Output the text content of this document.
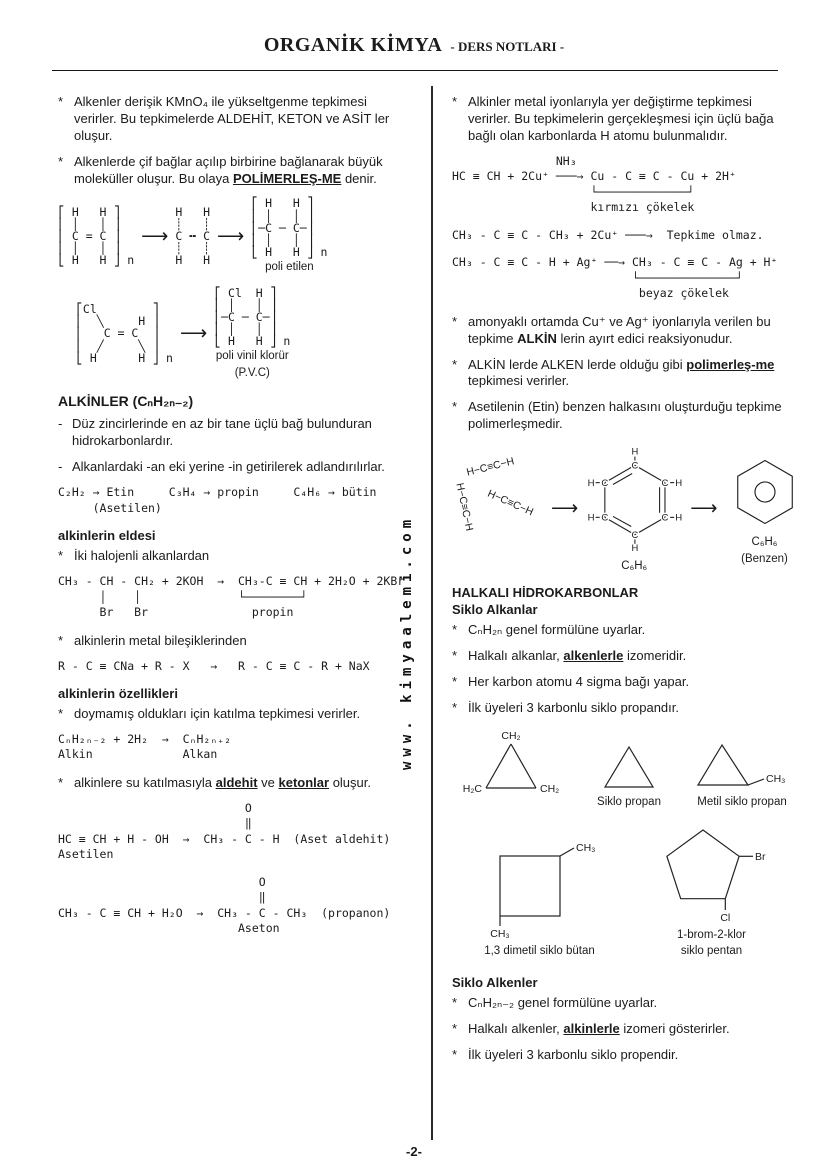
ORGANİK KİMYA - DERS NOTLARI -
www. kimyaalemi.com
* Alkenler derişik KMnO₄ ile yükseltgenme tepkimesi verirler. Bu tepkimelerde ALDEHİT, KETON ve ASİT ler oluşur.
* Alkenlerde çif bağlar açılıp birbirine bağlanarak büyük moleküller oluşur. Bu olaya POLİMERLEŞ-ME denir.
⎡ H   H ⎤
⎢ │   │ ⎥
⎢ C = C ⎥
⎢ │   │ ⎥
⎣ H   H ⎦ n
⟶
H   H
┊   ┊
C ╍ C
┊   ┊
H   H
⟶
⎡ H   H ⎤
⎢ │   │ ⎥
⎢─C ─ C─⎥
⎢ │   │ ⎥
⎣ H   H ⎦ n
poli etilen
⎡Cl        ⎤
⎢  ╲     H ⎥
⎢   C = C  ⎥
⎢  ╱     ╲ ⎥
⎣ H      H ⎦ n
⟶
⎡ Cl  H ⎤
⎢ │   │ ⎥
⎢─C ─ C─⎥
⎢ │   │ ⎥
⎣ H   H ⎦ n
poli vinil klorür
(P.V.C)
ALKİNLER (CₙH₂ₙ₋₂)
- Düz zincirlerinde en az bir tane üçlü bağ bulunduran hidrokarbonlardır.
- Alkanlardaki -an eki yerine -in getirilerek adlandırılırlar.
C₂H₂ → Etin     C₃H₄ → propin     C₄H₆ → bütin
(Asetilen)
alkinlerin eldesi
* İki halojenli alkanlardan
CH₃ - CH - CH₂ + 2KOH  →  CH₃-C ≡ CH + 2H₂O + 2KBr
│    │              └────────┘
Br   Br               propin
* alkinlerin metal bileşiklerinden
R - C ≡ CNa + R - X   →   R - C ≡ C - R + NaX
alkinlerin özellikleri
* doymamış oldukları için katılma tepkimesi verirler.
CₙH₂ₙ₋₂ + 2H₂  →  CₙH₂ₙ₊₂
Alkin             Alkan
* alkinlere su katılmasıyla aldehit ve ketonlar oluşur.
O
‖
HC ≡ CH + H - OH  →  CH₃ - C - H  (Aset aldehit)
Asetilen
O
‖
CH₃ - C ≡ CH + H₂O  →  CH₃ - C - CH₃  (propanon)
Aseton
* Alkinler metal iyonlarıyla yer değiştirme tepkimesi verirler. Bu tepkimelerin gerçekleşmesi için üçlü bağa bağlı olan karbonlarda H atomu bulunmalıdır.
NH₃
HC ≡ CH + 2Cu⁺ ───→ Cu - C ≡ C - Cu + 2H⁺
└─────────────┘
kırmızı çökelek
CH₃ - C ≡ C - CH₃ + 2Cu⁺ ───→  Tepkime olmaz.
CH₃ - C ≡ C - H + Ag⁺ ──→ CH₃ - C ≡ C - Ag + H⁺
└──────────────┘
beyaz çökelek
* amonyaklı ortamda Cu⁺ ve Ag⁺ iyonlarıyla verilen bu tepkime ALKİN lerin ayırt edici reaksiyonudur.
* ALKİN lerde ALKEN lerde olduğu gibi polimerleş-me tepkimesi verirler.
* Asetilenin (Etin) benzen halkasını oluşturduğu tepkime polimerleşmedir.
H−C≡C−H
H−C≡C−H H−C≡C−H ⟶
C
C
C
C
C
C
H
H
H
H
H
H
C₆H₆
⟶
C₆H₆
(Benzen)
HALKALI HİDROKARBONLAR
Siklo Alkanlar
* CₙH₂ₙ genel formülüne uyarlar.
* Halkalı alkanlar, alkenlerle izomeridir.
* Her karbon atomu 4 sigma bağı yapar.
* İlk üyeleri 3 karbonlu siklo propandır.
CH₂
H₂C	CH₂
Siklo propan
CH₃
Metil siklo propan
CH₃
CH₃
1,3 dimetil siklo bütan
Br
Cl
1-brom-2-klor
siklo pentan
Siklo Alkenler
* CₙH₂ₙ₋₂ genel formülüne uyarlar.
* Halkalı alkenler, alkinlerle izomeri gösterirler.
* İlk üyeleri 3 karbonlu siklo propendir.
-2-
